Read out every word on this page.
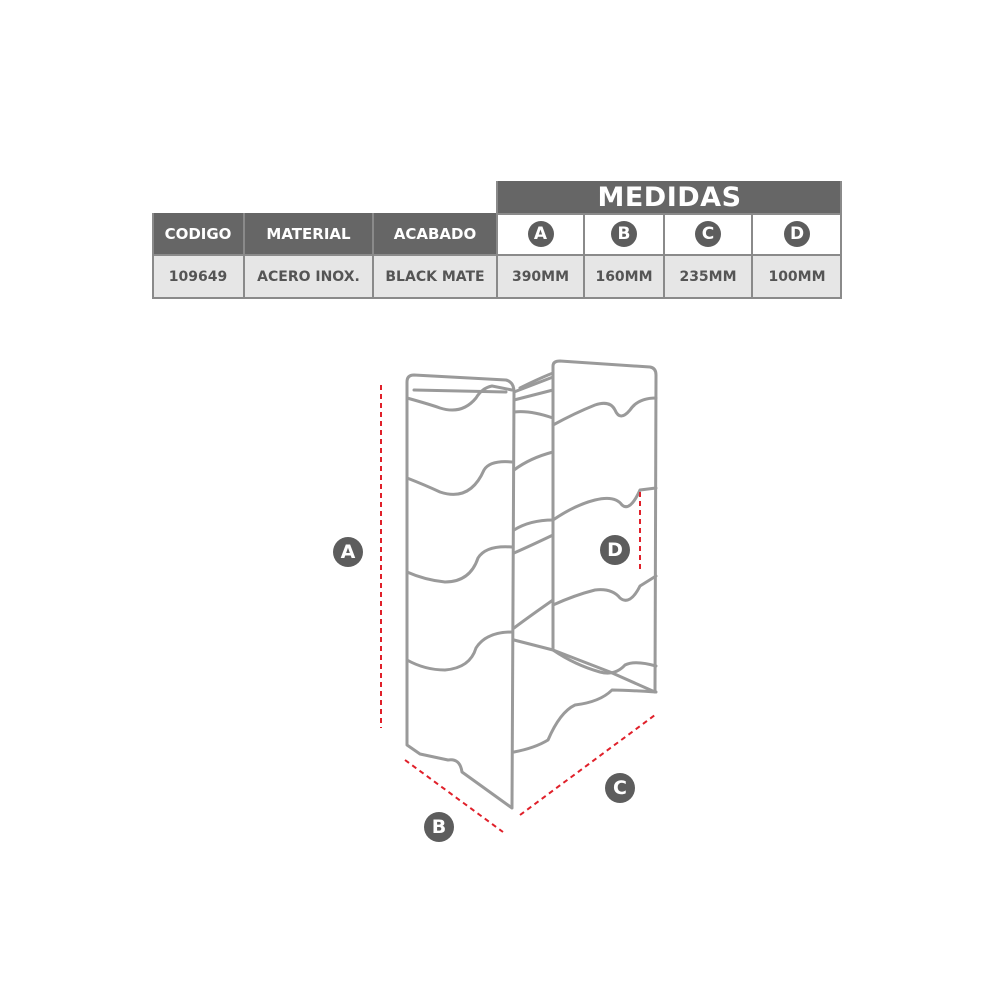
MEDIDAS
CODIGO	MATERIAL	ACABADO	A	B	C	D
109649	ACERO INOX.	BLACK MATE	390MM	160MM	235MM	100MM
A
B
C
D
